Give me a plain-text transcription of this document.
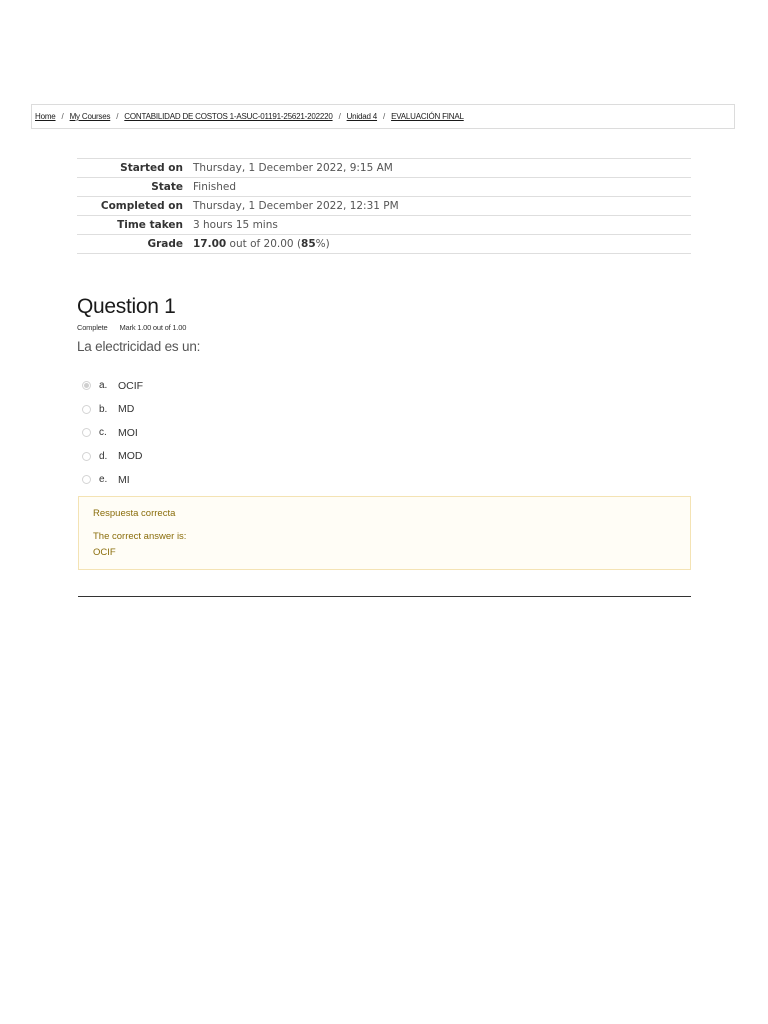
Home / My Courses / CONTABILIDAD DE COSTOS 1-ASUC-01191-25621-202220 / Unidad 4 / EVALUACIÓN FINAL
Started on	Thursday, 1 December 2022, 9:15 AM
State	Finished
Completed on	Thursday, 1 December 2022, 12:31 PM
Time taken	3 hours 15 mins
Grade	17.00 out of 20.00 (85%)
Question 1
Complete Mark 1.00 out of 1.00
La electricidad es un:
a.	OCIF
b.	MD
c.	MOI
d.	MOD
e.	MI
Respuesta correcta
The correct answer is:
OCIF
